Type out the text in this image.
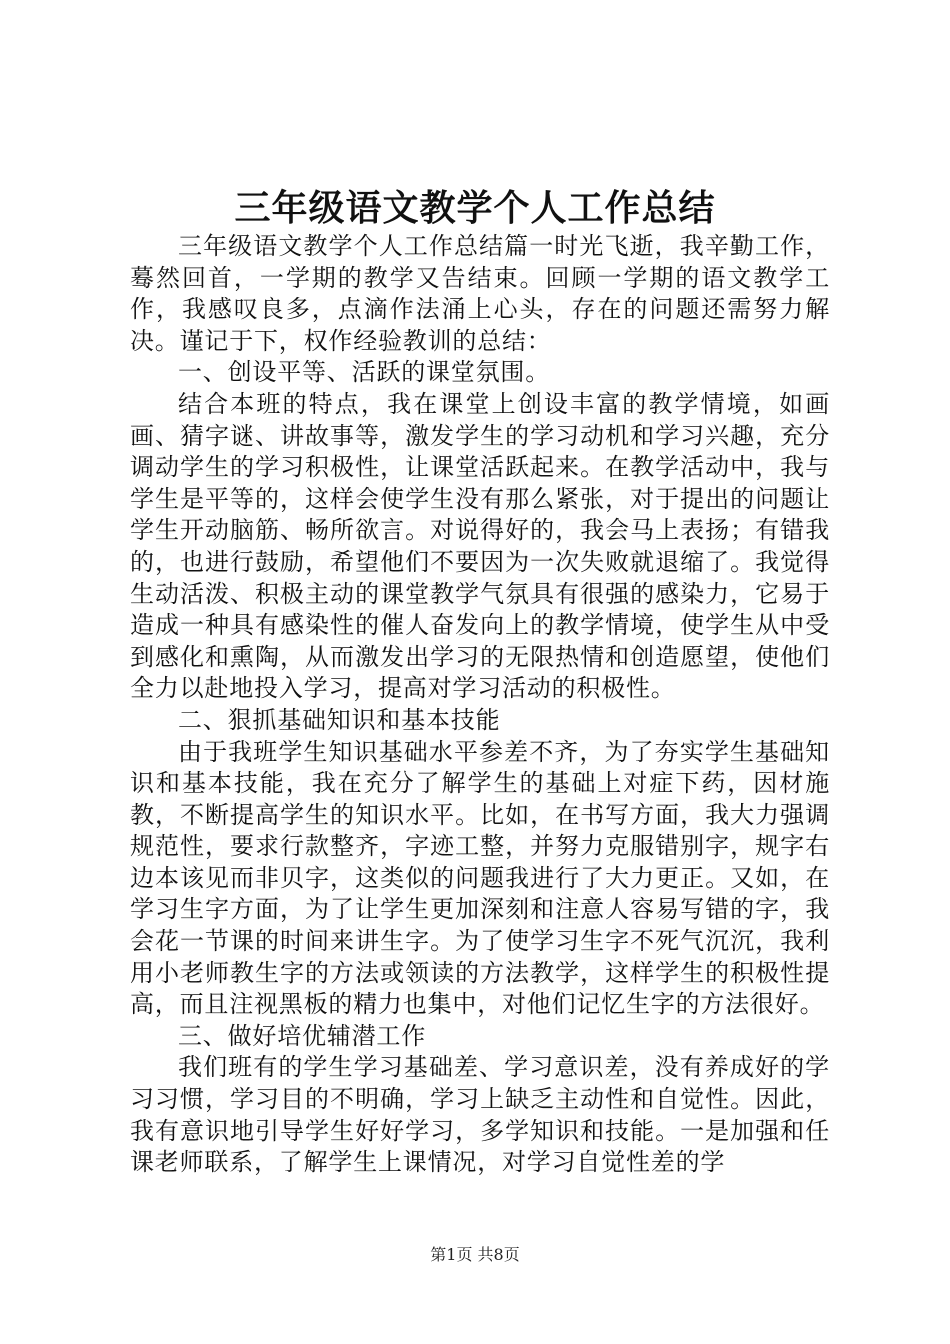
三年级语文教学个人工作总结

三年级语文教学个人工作总结篇一时光飞逝，我辛勤工作，蓦然回首，一学期的教学又告结束。回顾一学期的语文教学工作，我感叹良多，点滴作法涌上心头，存在的问题还需努力解决。谨记于下，权作经验教训的总结：

一、创设平等、活跃的课堂氛围。

结合本班的特点，我在课堂上创设丰富的教学情境，如画画、猜字谜、讲故事等，激发学生的学习动机和学习兴趣，充分调动学生的学习积极性，让课堂活跃起来。在教学活动中，我与学生是平等的，这样会使学生没有那么紧张，对于提出的问题让学生开动脑筋、畅所欲言。对说得好的，我会马上表扬；有错我的，也进行鼓励，希望他们不要因为一次失败就退缩了。我觉得生动活泼、积极主动的课堂教学气氛具有很强的感染力，它易于造成一种具有感染性的催人奋发向上的教学情境，使学生从中受到感化和熏陶，从而激发出学习的无限热情和创造愿望，使他们全力以赴地投入学习，提高对学习活动的积极性。

二、狠抓基础知识和基本技能

由于我班学生知识基础水平参差不齐，为了夯实学生基础知识和基本技能，我在充分了解学生的基础上对症下药，因材施教，不断提高学生的知识水平。比如，在书写方面，我大力强调规范性，要求行款整齐，字迹工整，并努力克服错别字，规字右边本该见而非贝字，这类似的问题我进行了大力更正。又如，在学习生字方面，为了让学生更加深刻和注意人容易写错的字，我会花一节课的时间来讲生字。为了使学习生字不死气沉沉，我利用小老师教生字的方法或领读的方法教学，这样学生的积极性提高，而且注视黑板的精力也集中，对他们记忆生字的方法很好。

三、做好培优辅潜工作

我们班有的学生学习基础差、学习意识差，没有养成好的学习习惯，学习目的不明确，学习上缺乏主动性和自觉性。因此，我有意识地引导学生好好学习，多学知识和技能。一是加强和任课老师联系，了解学生上课情况，对学习自觉性差的学

第1页 共8页
